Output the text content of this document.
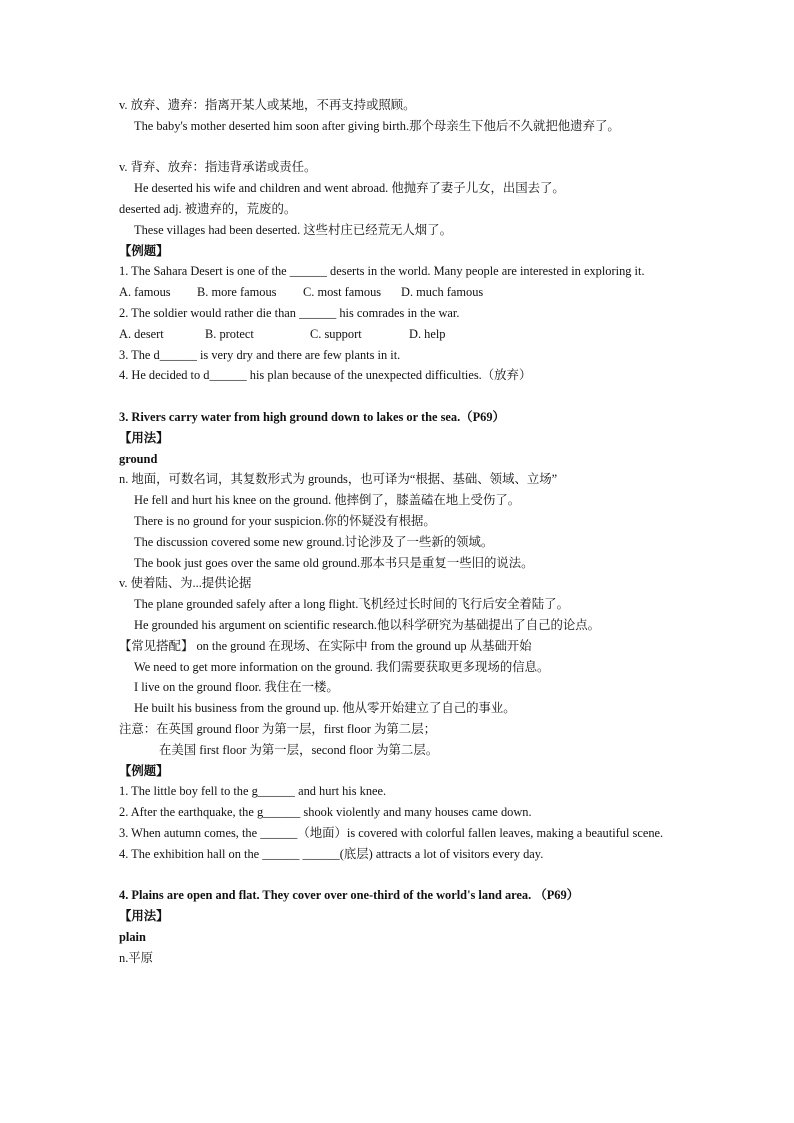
v. 放弃、遗弃：指离开某人或某地，不再支持或照顾。
The baby's mother deserted him soon after giving birth.那个母亲生下他后不久就把他遗弃了。
v. 背弃、放弃：指违背承诺或责任。
He deserted his wife and children and went abroad. 他抛弃了妻子儿女，出国去了。
deserted adj. 被遗弃的，荒废的。
These villages had been deserted. 这些村庄已经荒无人烟了。
【例题】
1. The Sahara Desert is one of the ______ deserts in the world. Many people are interested in exploring it.
A. famous	B. more famous	C. most famous	D. much famous
2. The soldier would rather die than ______ his comrades in the war.
A. desert	B. protect	C. support	D. help
3. The d______ is very dry and there are few plants in it.
4. He decided to d______ his plan because of the unexpected difficulties.（放弃）
3. Rivers carry water from high ground down to lakes or the sea.（P69）
【用法】
ground
n. 地面，可数名词，其复数形式为 grounds，也可译为“根据、基础、领域、立场”
He fell and hurt his knee on the ground. 他摔倒了，膝盖磕在地上受伤了。
There is no ground for your suspicion.你的怀疑没有根据。
The discussion covered some new ground.讨论涉及了一些新的领域。
The book just goes over the same old ground.那本书只是重复一些旧的说法。
v. 使着陆、为...提供论据
The plane grounded safely after a long flight.飞机经过长时间的飞行后安全着陆了。
He grounded his argument on scientific research.他以科学研究为基础提出了自己的论点。
【常见搭配】 on the ground 在现场、在实际中 from the ground up 从基础开始
We need to get more information on the ground. 我们需要获取更多现场的信息。
I live on the ground floor. 我住在一楼。
He built his business from the ground up. 他从零开始建立了自己的事业。
注意：在英国 ground floor 为第一层，first floor 为第二层；
在美国 first floor 为第一层，second floor 为第二层。
【例题】
1. The little boy fell to the g______ and hurt his knee.
2. After the earthquake, the g______ shook violently and many houses came down.
3. When autumn comes, the ______（地面）is covered with colorful fallen leaves, making a beautiful scene.
4. The exhibition hall on the ______ ______(底层) attracts a lot of visitors every day.
4. Plains are open and flat. They cover over one-third of the world's land area. （P69）
【用法】
plain
n.平原
